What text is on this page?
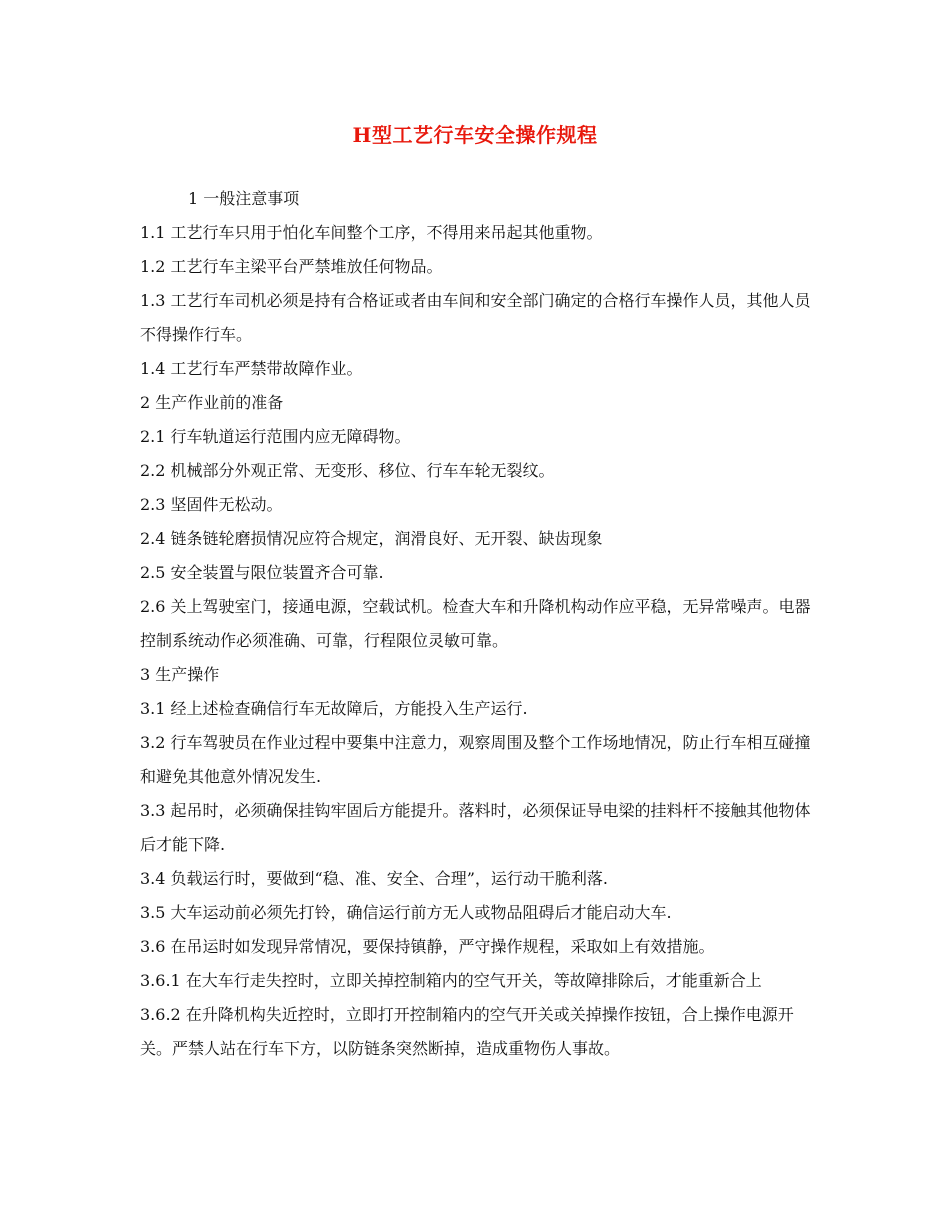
H型工艺行车安全操作规程

1 一般注意事项

1.1 工艺行车只用于怕化车间整个工序，不得用来吊起其他重物。

1.2 工艺行车主梁平台严禁堆放任何物品。

1.3 工艺行车司机必须是持有合格证或者由车间和安全部门确定的合格行车操作人员，其他人员不得操作行车。

1.4 工艺行车严禁带故障作业。

2 生产作业前的准备

2.1 行车轨道运行范围内应无障碍物。

2.2 机械部分外观正常、无变形、移位、行车车轮无裂纹。

2.3 坚固件无松动。

2.4 链条链轮磨损情况应符合规定，润滑良好、无开裂、缺齿现象

2.5 安全装置与限位装置齐合可靠.

2.6 关上驾驶室门，接通电源，空载试机。检查大车和升降机构动作应平稳，无异常噪声。电器控制系统动作必须准确、可靠，行程限位灵敏可靠。

3 生产操作

3.1 经上述检查确信行车无故障后，方能投入生产运行.

3.2 行车驾驶员在作业过程中要集中注意力，观察周围及整个工作场地情况，防止行车相互碰撞和避免其他意外情况发生.

3.3 起吊时，必须确保挂钩牢固后方能提升。落料时，必须保证导电梁的挂料杆不接触其他物体后才能下降.

3.4 负载运行时，要做到“稳、准、安全、合理”，运行动干脆利落.

3.5 大车运动前必须先打铃，确信运行前方无人或物品阻碍后才能启动大车.

3.6 在吊运时如发现异常情况，要保持镇静，严守操作规程，采取如上有效措施。

3.6.1 在大车行走失控时，立即关掉控制箱内的空气开关，等故障排除后，才能重新合上

3.6.2 在升降机构失近控时，立即打开控制箱内的空气开关或关掉操作按钮，合上操作电源开关。严禁人站在行车下方，以防链条突然断掉，造成重物伤人事故。
